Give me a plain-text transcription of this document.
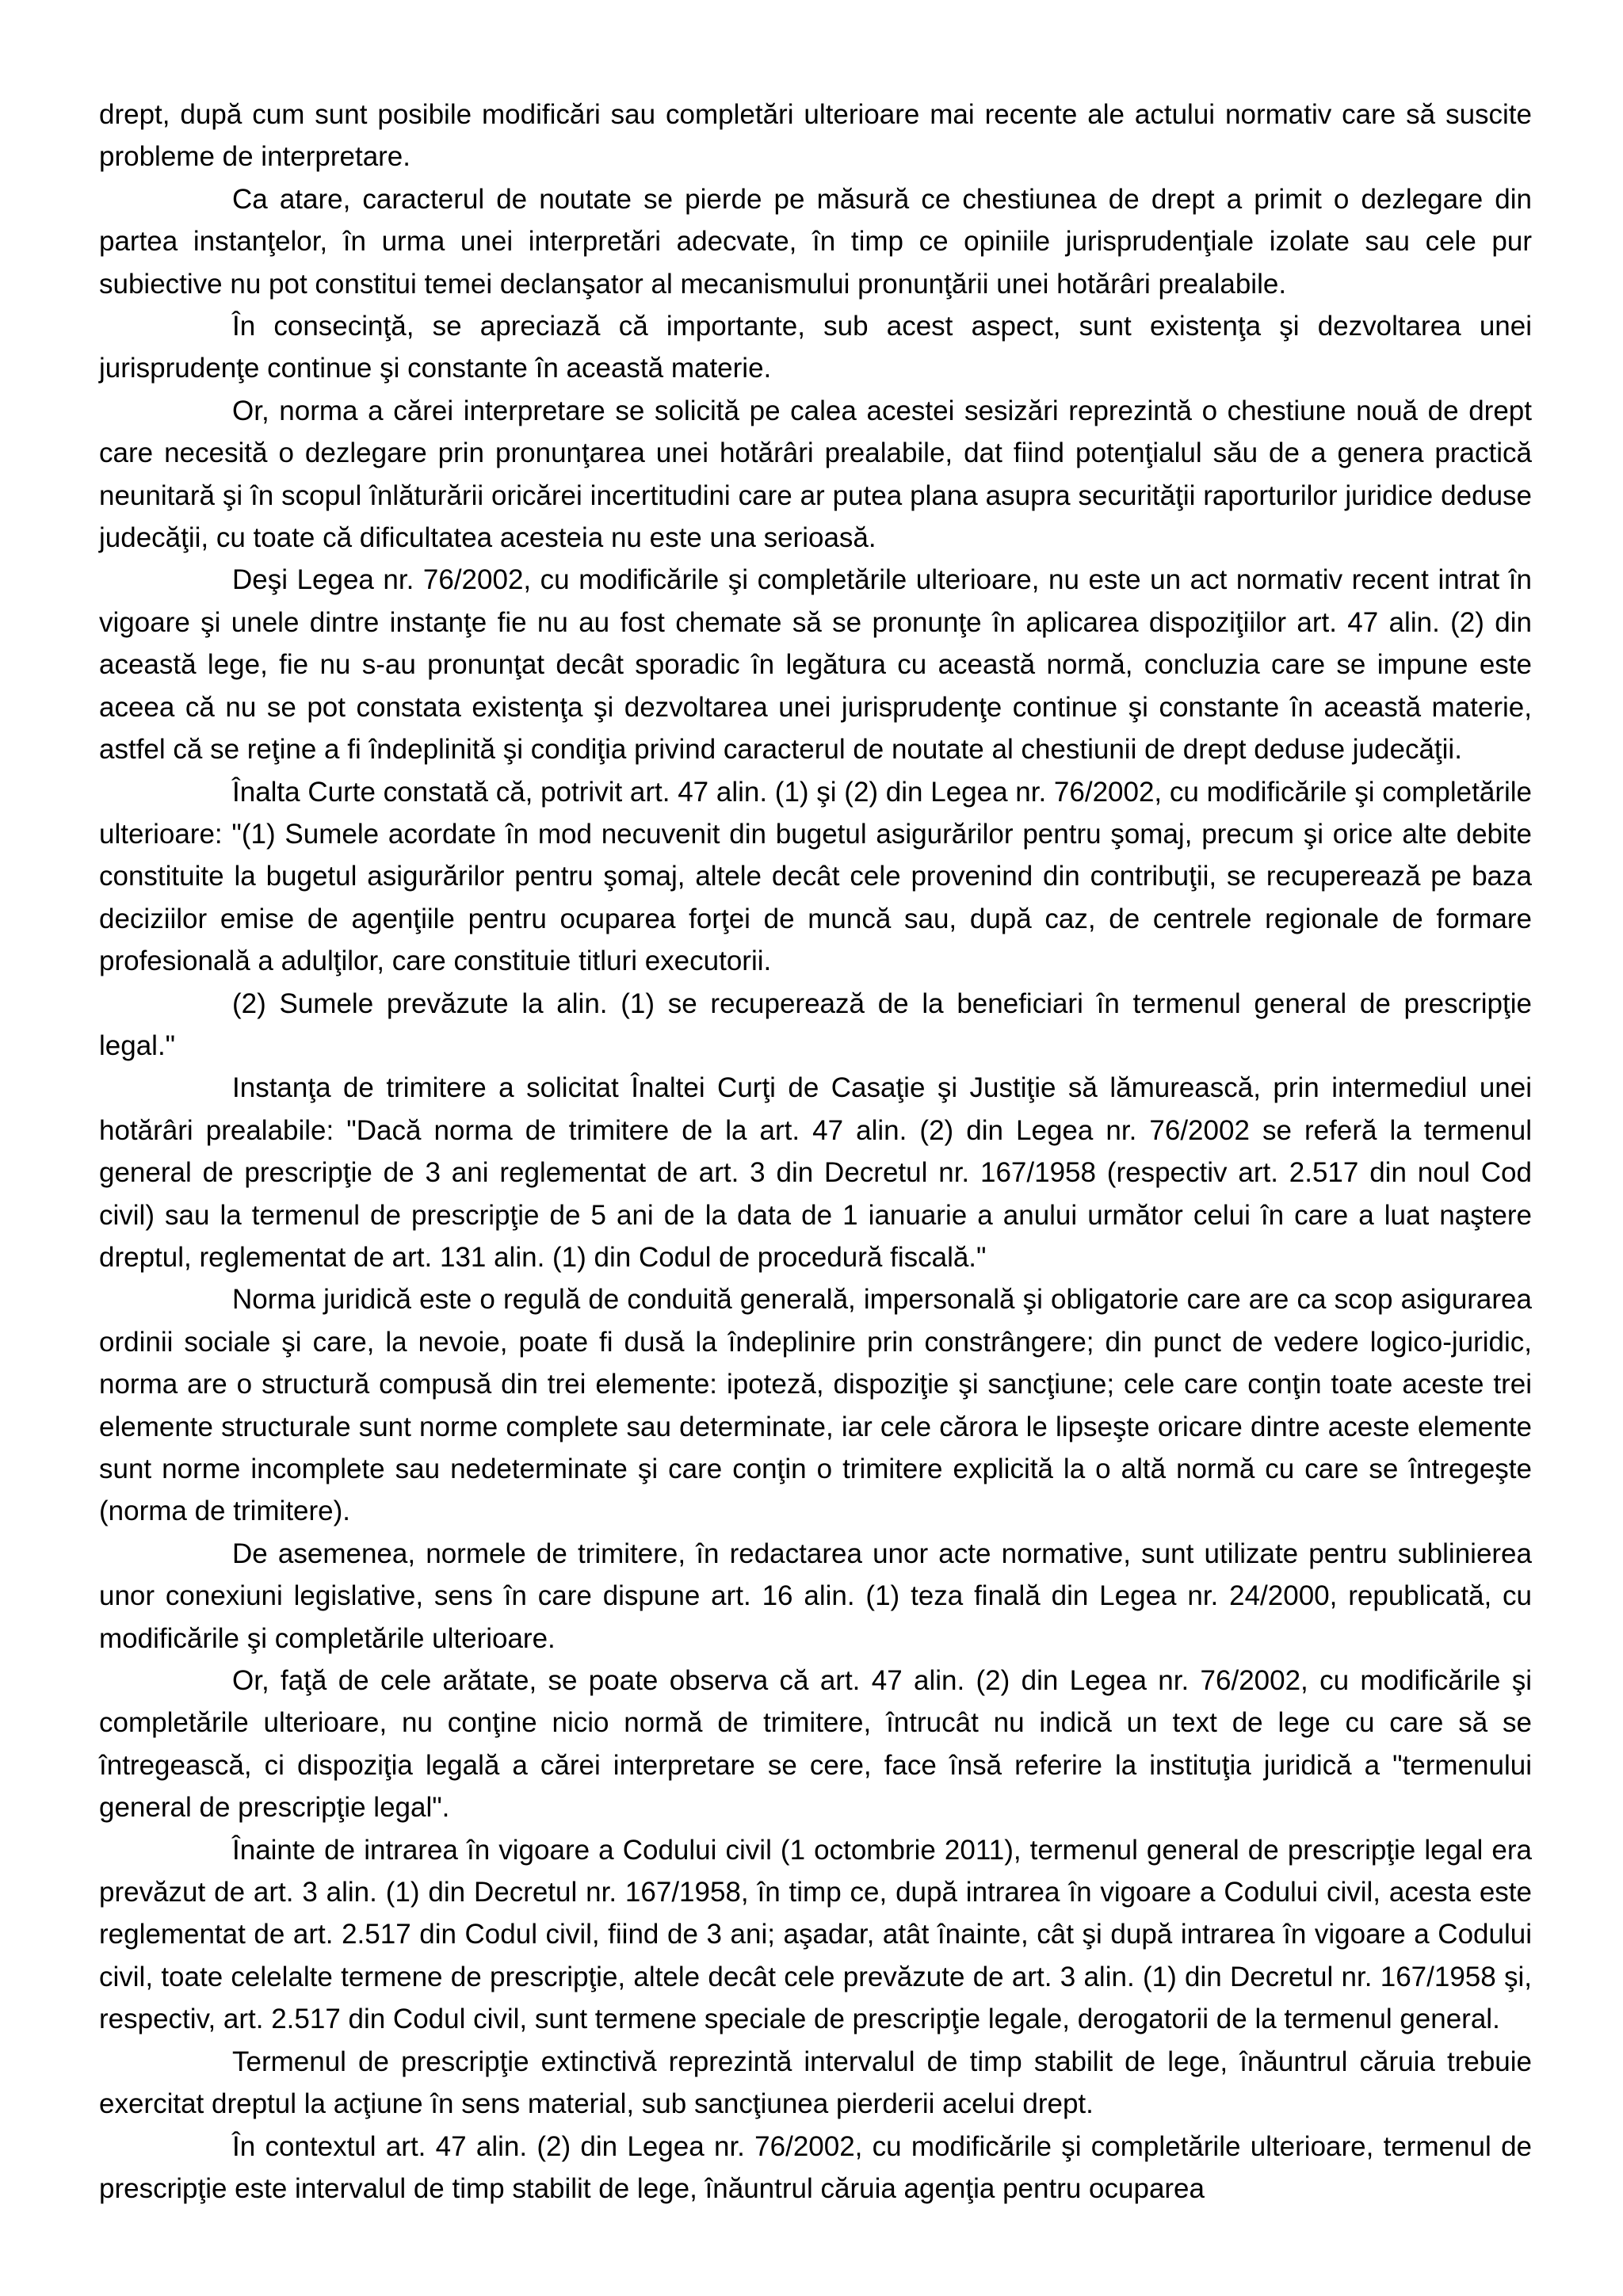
drept, după cum sunt posibile modificări sau completări ulterioare mai recente ale actului normativ care să suscite probleme de interpretare.

Ca atare, caracterul de noutate se pierde pe măsură ce chestiunea de drept a primit o dezlegare din partea instanţelor, în urma unei interpretări adecvate, în timp ce opiniile jurisprudenţiale izolate sau cele pur subiective nu pot constitui temei declanşator al mecanismului pronunţării unei hotărâri prealabile.

În consecinţă, se apreciază că importante, sub acest aspect, sunt existenţa şi dezvoltarea unei jurisprudenţe continue şi constante în această materie.

Or, norma a cărei interpretare se solicită pe calea acestei sesizări reprezintă o chestiune nouă de drept care necesită o dezlegare prin pronunţarea unei hotărâri prealabile, dat fiind potenţialul său de a genera practică neunitară şi în scopul înlăturării oricărei incertitudini care ar putea plana asupra securităţii raporturilor juridice deduse judecăţii, cu toate că dificultatea acesteia nu este una serioasă.

Deşi Legea nr. 76/2002, cu modificările şi completările ulterioare, nu este un act normativ recent intrat în vigoare şi unele dintre instanţe fie nu au fost chemate să se pronunţe în aplicarea dispoziţiilor art. 47 alin. (2) din această lege, fie nu s-au pronunţat decât sporadic în legătura cu această normă, concluzia care se impune este aceea că nu se pot constata existenţa şi dezvoltarea unei jurisprudenţe continue şi constante în această materie, astfel că se reţine a fi îndeplinită şi condiţia privind caracterul de noutate al chestiunii de drept deduse judecăţii.

Înalta Curte constată că, potrivit art. 47 alin. (1) şi (2) din Legea nr. 76/2002, cu modificările şi completările ulterioare: "(1) Sumele acordate în mod necuvenit din bugetul asigurărilor pentru şomaj, precum şi orice alte debite constituite la bugetul asigurărilor pentru şomaj, altele decât cele provenind din contribuţii, se recuperează pe baza deciziilor emise de agenţiile pentru ocuparea forţei de muncă sau, după caz, de centrele regionale de formare profesională a adulţilor, care constituie titluri executorii.

(2) Sumele prevăzute la alin. (1) se recuperează de la beneficiari în termenul general de prescripţie legal."

Instanţa de trimitere a solicitat Înaltei Curţi de Casaţie şi Justiţie să lămurească, prin intermediul unei hotărâri prealabile: "Dacă norma de trimitere de la art. 47 alin. (2) din Legea nr. 76/2002 se referă la termenul general de prescripţie de 3 ani reglementat de art. 3 din Decretul nr. 167/1958 (respectiv art. 2.517 din noul Cod civil) sau la termenul de prescripţie de 5 ani de la data de 1 ianuarie a anului următor celui în care a luat naştere dreptul, reglementat de art. 131 alin. (1) din Codul de procedură fiscală."

Norma juridică este o regulă de conduită generală, impersonală şi obligatorie care are ca scop asigurarea ordinii sociale şi care, la nevoie, poate fi dusă la îndeplinire prin constrângere; din punct de vedere logico-juridic, norma are o structură compusă din trei elemente: ipoteză, dispoziţie şi sancţiune; cele care conţin toate aceste trei elemente structurale sunt norme complete sau determinate, iar cele cărora le lipseşte oricare dintre aceste elemente sunt norme incomplete sau nedeterminate şi care conţin o trimitere explicită la o altă normă cu care se întregeşte (norma de trimitere).

De asemenea, normele de trimitere, în redactarea unor acte normative, sunt utilizate pentru sublinierea unor conexiuni legislative, sens în care dispune art. 16 alin. (1) teza finală din Legea nr. 24/2000, republicată, cu modificările şi completările ulterioare.

Or, faţă de cele arătate, se poate observa că art. 47 alin. (2) din Legea nr. 76/2002, cu modificările şi completările ulterioare, nu conţine nicio normă de trimitere, întrucât nu indică un text de lege cu care să se întregească, ci dispoziţia legală a cărei interpretare se cere, face însă referire la instituţia juridică a "termenului general de prescripţie legal".

Înainte de intrarea în vigoare a Codului civil (1 octombrie 2011), termenul general de prescripţie legal era prevăzut de art. 3 alin. (1) din Decretul nr. 167/1958, în timp ce, după intrarea în vigoare a Codului civil, acesta este reglementat de art. 2.517 din Codul civil, fiind de 3 ani; aşadar, atât înainte, cât şi după intrarea în vigoare a Codului civil, toate celelalte termene de prescripţie, altele decât cele prevăzute de art. 3 alin. (1) din Decretul nr. 167/1958 şi, respectiv, art. 2.517 din Codul civil, sunt termene speciale de prescripţie legale, derogatorii de la termenul general.

Termenul de prescripţie extinctivă reprezintă intervalul de timp stabilit de lege, înăuntrul căruia trebuie exercitat dreptul la acţiune în sens material, sub sancţiunea pierderii acelui drept.

În contextul art. 47 alin. (2) din Legea nr. 76/2002, cu modificările şi completările ulterioare, termenul de prescripţie este intervalul de timp stabilit de lege, înăuntrul căruia agenţia pentru ocuparea
